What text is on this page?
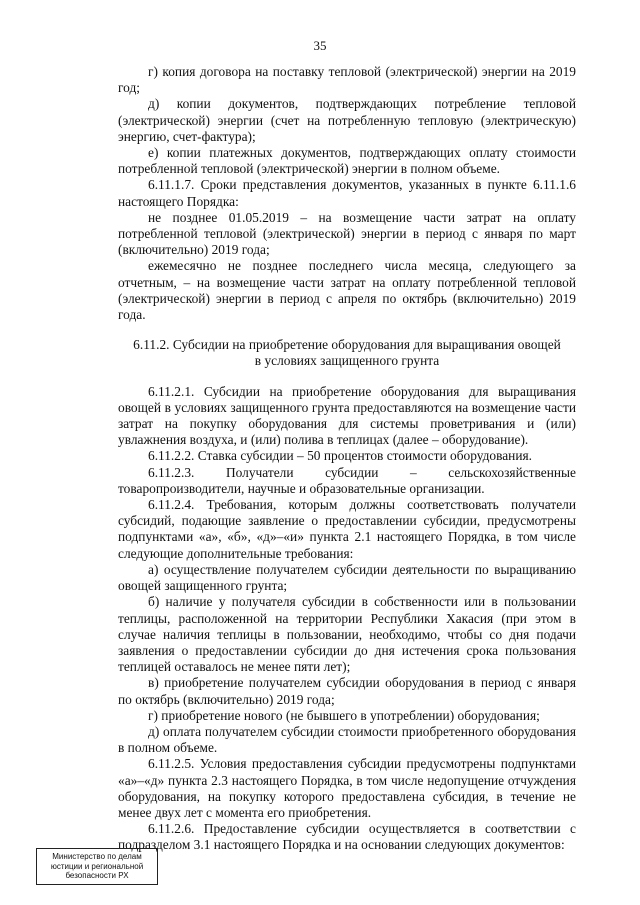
35

г) копия договора на поставку тепловой (электрической) энергии на 2019 год;

д) копии документов, подтверждающих потребление тепловой (электрической) энергии (счет на потребленную тепловую (электрическую) энергию, счет-фактура);

е) копии платежных документов, подтверждающих оплату стоимости потребленной тепловой (электрической) энергии в полном объеме.

6.11.1.7. Сроки представления документов, указанных в пункте 6.11.1.6 настоящего Порядка:

не позднее 01.05.2019 – на возмещение части затрат на оплату потребленной тепловой (электрической) энергии в период с января по март (включительно) 2019 года;

ежемесячно не позднее последнего числа месяца, следующего за отчетным, – на возмещение части затрат на оплату потребленной тепловой (электрической) энергии в период с апреля по октябрь (включительно) 2019 года.

6.11.2. Субсидии на приобретение оборудования для выращивания овощей в условиях защищенного грунта

6.11.2.1. Субсидии на приобретение оборудования для выращивания овощей в условиях защищенного грунта предоставляются на возмещение части затрат на покупку оборудования для системы проветривания и (или) увлажнения воздуха, и (или) полива в теплицах (далее – оборудование).

6.11.2.2. Ставка субсидии – 50 процентов стоимости оборудования.

6.11.2.3. Получатели субсидии – сельскохозяйственные товаропроизводители, научные и образовательные организации.

6.11.2.4. Требования, которым должны соответствовать получатели субсидий, подающие заявление о предоставлении субсидии, предусмотрены подпунктами «а», «б», «д»–«и» пункта 2.1 настоящего Порядка, в том числе следующие дополнительные требования:

а) осуществление получателем субсидии деятельности по выращиванию овощей защищенного грунта;

б) наличие у получателя субсидии в собственности или в пользовании теплицы, расположенной на территории Республики Хакасия (при этом в случае наличия теплицы в пользовании, необходимо, чтобы со дня подачи заявления о предоставлении субсидии до дня истечения срока пользования теплицей оставалось не менее пяти лет);

в) приобретение получателем субсидии оборудования в период с января по октябрь (включительно) 2019 года;

г) приобретение нового (не бывшего в употреблении) оборудования;

д) оплата получателем субсидии стоимости приобретенного оборудования в полном объеме.

6.11.2.5. Условия предоставления субсидии предусмотрены подпунктами «а»–«д» пункта 2.3 настоящего Порядка, в том числе недопущение отчуждения оборудования, на покупку которого предоставлена субсидия, в течение не менее двух лет с момента его приобретения.

6.11.2.6. Предоставление субсидии осуществляется в соответствии с подразделом 3.1 настоящего Порядка и на основании следующих документов:

Министерство по делам
юстиции и региональной
безопасности РХ
